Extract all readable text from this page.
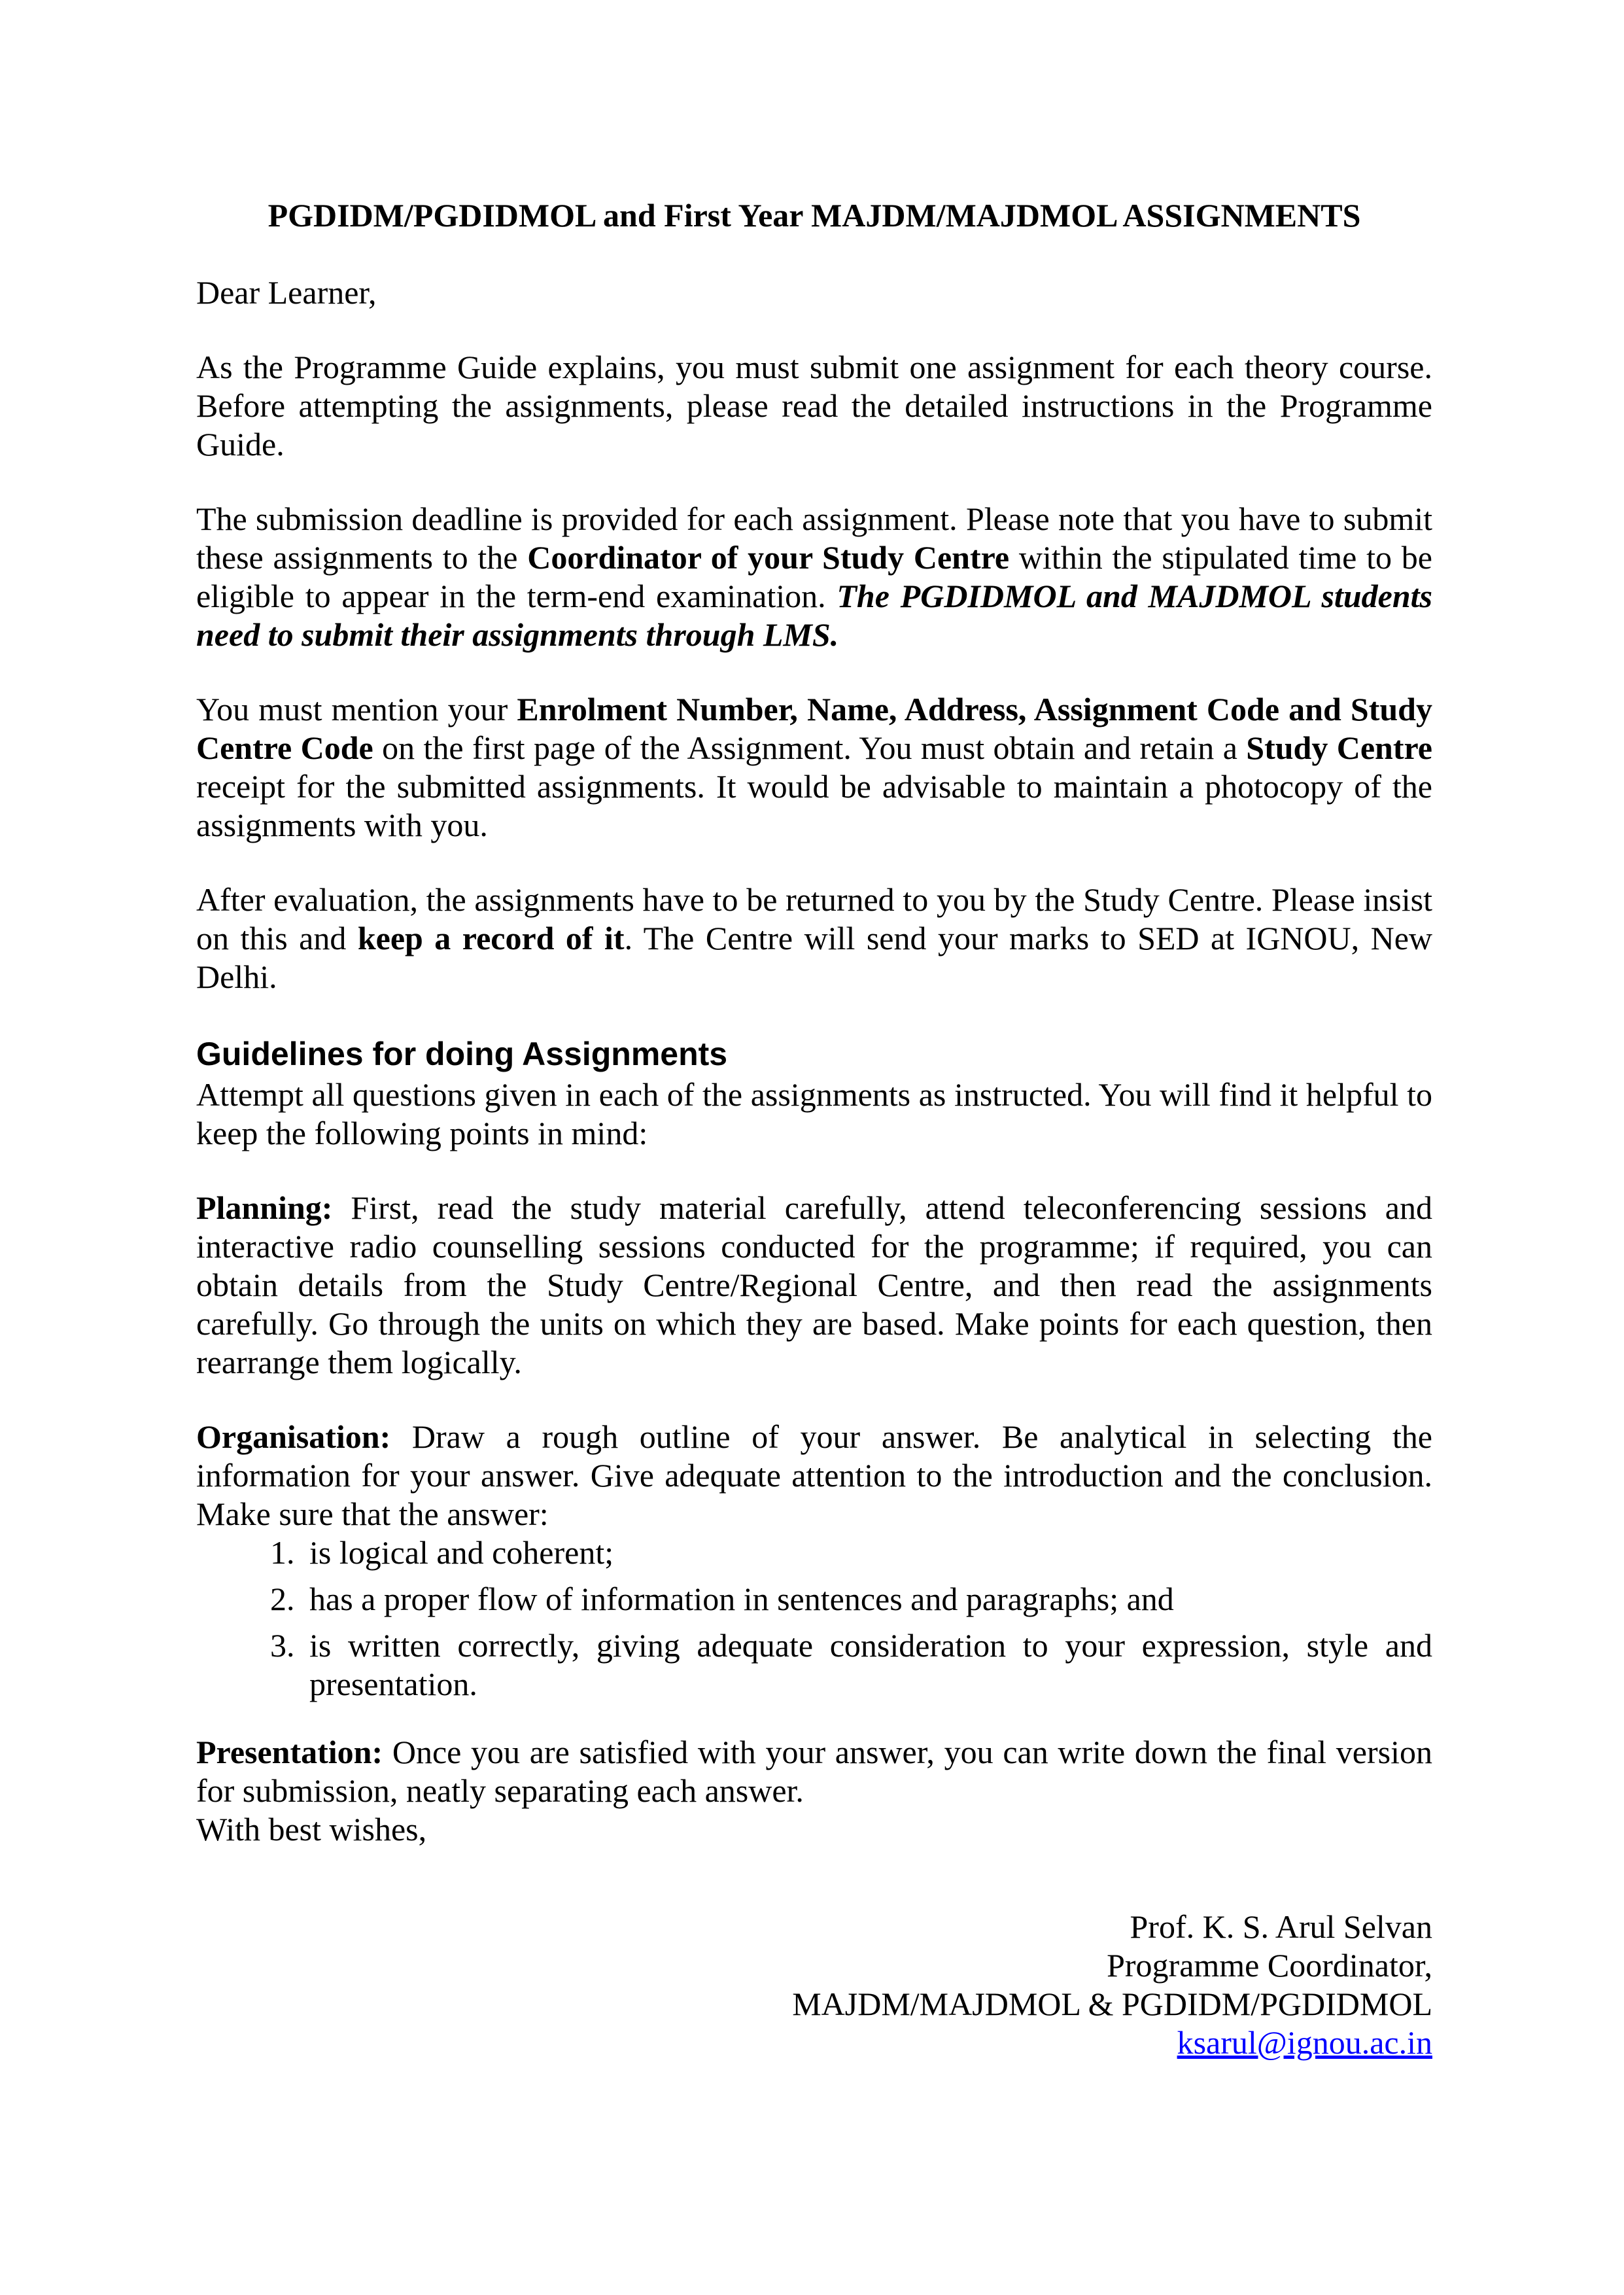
PGDIDM/PGDIDMOL and First Year MAJDM/MAJDMOL ASSIGNMENTS

Dear Learner,

As the Programme Guide explains, you must submit one assignment for each theory course. Before attempting the assignments, please read the detailed instructions in the Programme Guide.

The submission deadline is provided for each assignment. Please note that you have to submit these assignments to the Coordinator of your Study Centre within the stipulated time to be eligible to appear in the term-end examination. The PGDIDMOL and MAJDMOL students need to submit their assignments through LMS.

You must mention your Enrolment Number, Name, Address, Assignment Code and Study Centre Code on the first page of the Assignment. You must obtain and retain a Study Centre receipt for the submitted assignments. It would be advisable to maintain a photocopy of the assignments with you.

After evaluation, the assignments have to be returned to you by the Study Centre. Please insist on this and keep a record of it. The Centre will send your marks to SED at IGNOU, New Delhi.

Guidelines for doing Assignments

Attempt all questions given in each of the assignments as instructed. You will find it helpful to keep the following points in mind:

Planning: First, read the study material carefully, attend teleconferencing sessions and interactive radio counselling sessions conducted for the programme; if required, you can obtain details from the Study Centre/Regional Centre, and then read the assignments carefully. Go through the units on which they are based. Make points for each question, then rearrange them logically.

Organisation: Draw a rough outline of your answer. Be analytical in selecting the information for your answer. Give adequate attention to the introduction and the conclusion. Make sure that the answer:

1. is logical and coherent;
2. has a proper flow of information in sentences and paragraphs; and
3. is written correctly, giving adequate consideration to your expression, style and presentation.

Presentation: Once you are satisfied with your answer, you can write down the final version for submission, neatly separating each answer.

With best wishes,

Prof. K. S. Arul Selvan
Programme Coordinator,
MAJDM/MAJDMOL & PGDIDM/PGDIDMOL
ksarul@ignou.ac.in
